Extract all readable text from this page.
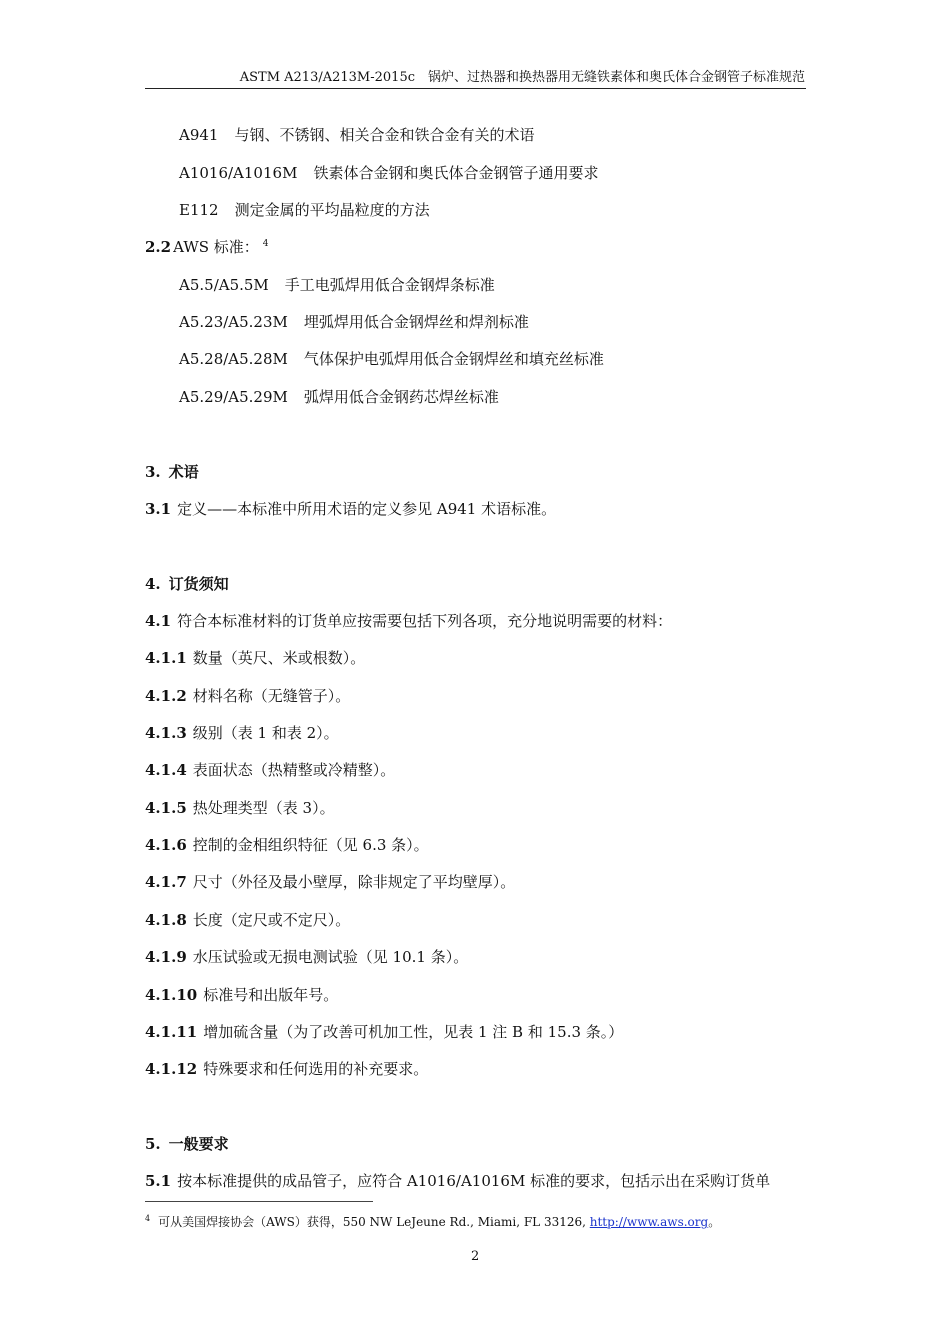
ASTM A213/A213M-2015c　锅炉、过热器和换热器用无缝铁素体和奥氏体合金钢管子标准规范
A941 与钢、不锈钢、相关合金和铁合金有关的术语
A1016/A1016M 铁素体合金钢和奥氏体合金钢管子通用要求
E112 测定金属的平均晶粒度的方法
2.2 AWS 标准： $^4$
A5.5/A5.5M 手工电弧焊用低合金钢焊条标准
A5.23/A5.23M 埋弧焊用低合金钢焊丝和焊剂标准
A5.28/A5.28M 气体保护电弧焊用低合金钢焊丝和填充丝标准
A5.29/A5.29M 弧焊用低合金钢药芯焊丝标准
3. 术语
3.1 定义——本标准中所用术语的定义参见 A941 术语标准。
4. 订货须知
4.1 符合本标准材料的订货单应按需要包括下列各项，充分地说明需要的材料：
4.1.1 数量（英尺、米或根数）。
4.1.2 材料名称（无缝管子）。
4.1.3 级别（表 1 和表 2）。
4.1.4 表面状态（热精整或冷精整）。
4.1.5 热处理类型（表 3）。
4.1.6 控制的金相组织特征（见 6.3 条）。
4.1.7 尺寸（外径及最小壁厚，除非规定了平均壁厚）。
4.1.8 长度（定尺或不定尺）。
4.1.9 水压试验或无损电测试验（见 10.1 条）。
4.1.10 标准号和出版年号。
4.1.11 增加硫含量（为了改善可机加工性，见表 1 注 B 和 15.3 条。）
4.1.12 特殊要求和任何选用的补充要求。
5. 一般要求
5.1 按本标准提供的成品管子，应符合 A1016/A1016M 标准的要求，包括示出在采购订货单
$^4$ 可从美国焊接协会（AWS）获得，550 NW LeJeune Rd., Miami, FL 33126, http://www.aws.org。
2
